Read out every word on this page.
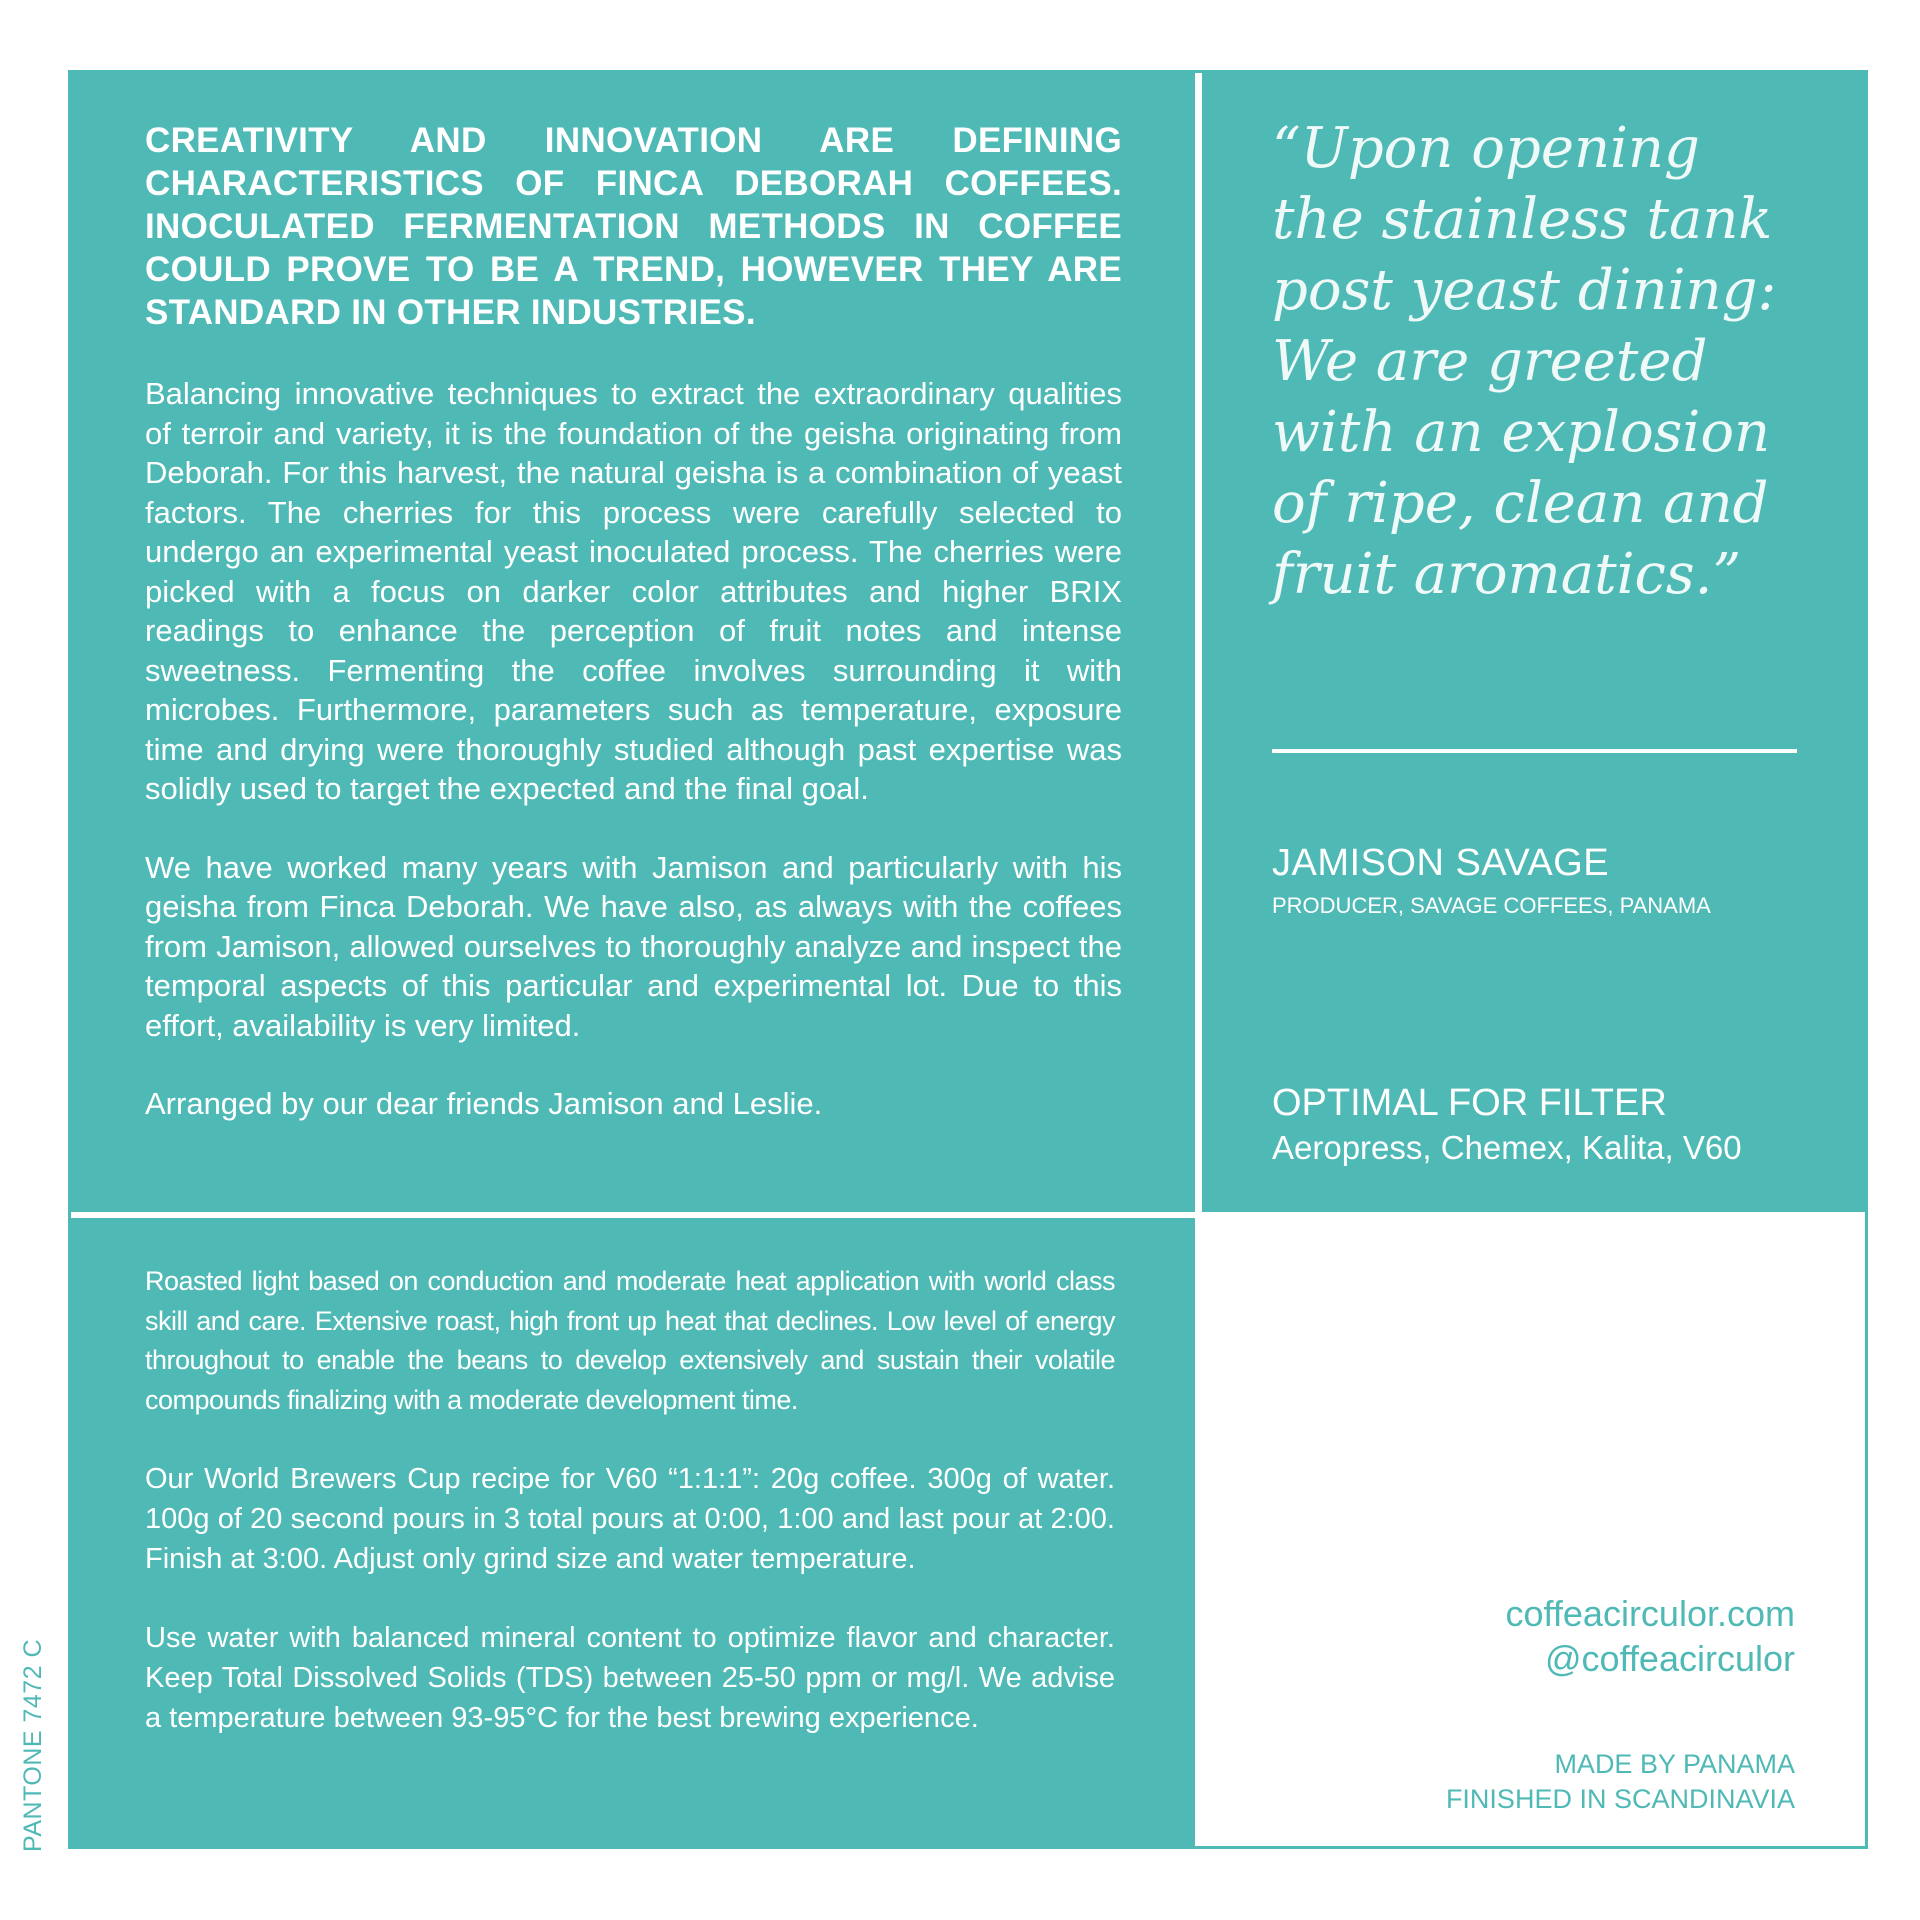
PANTONE 7472 C

CREATIVITY AND INNOVATION ARE DEFINING CHARACTERISTICS OF FINCA DEBORAH COFFEES. INOCULATED FERMENTATION METHODS IN COFFEE COULD PROVE TO BE A TREND, HOWEVER THEY ARE STANDARD IN OTHER INDUSTRIES.

Balancing innovative techniques to extract the extraordinary qualities of terroir and variety, it is the foundation of the geisha originating from Deborah. For this harvest, the natural geisha is a combination of yeast factors. The cherries for this process were carefully selected to undergo an experimental yeast inoculated process. The cherries were picked with a focus on darker color attributes and higher BRIX readings to enhance the perception of fruit notes and intense sweetness. Fermenting the coffee involves surrounding it with microbes. Furthermore, parameters such as temperature, exposure time and drying were thoroughly studied although past expertise was solidly used to target the expected and the final goal.

We have worked many years with Jamison and particularly with his geisha from Finca Deborah. We have also, as always with the coffees from Jamison, allowed ourselves to thoroughly analyze and inspect the temporal aspects of this particular and experimental lot. Due to this effort, availability is very limited.

Arranged by our dear friends Jamison and Leslie.

“Upon opening the stainless tank post yeast dining: We are greeted with an explosion of ripe, clean and fruit aromatics.”

JAMISON SAVAGE
PRODUCER, SAVAGE COFFEES, PANAMA
OPTIMAL FOR FILTER
Aeropress, Chemex, Kalita, V60

Roasted light based on conduction and moderate heat application with world class skill and care. Extensive roast, high front up heat that declines. Low level of energy throughout to enable the beans to develop extensively and sustain their volatile compounds finalizing with a moderate development time.

Our World Brewers Cup recipe for V60 “1:1:1”: 20g coffee. 300g of water. 100g of 20 second pours in 3 total pours at 0:00, 1:00 and last pour at 2:00. Finish at 3:00. Adjust only grind size and water temperature.

Use water with balanced mineral content to optimize flavor and character. Keep Total Dissolved Solids (TDS) between 25-50 ppm or mg/l. We advise a temperature between 93-95°C for the best brewing experience.

coffeacirculor.com
@coffeacirculor
MADE BY PANAMA
FINISHED IN SCANDINAVIA
